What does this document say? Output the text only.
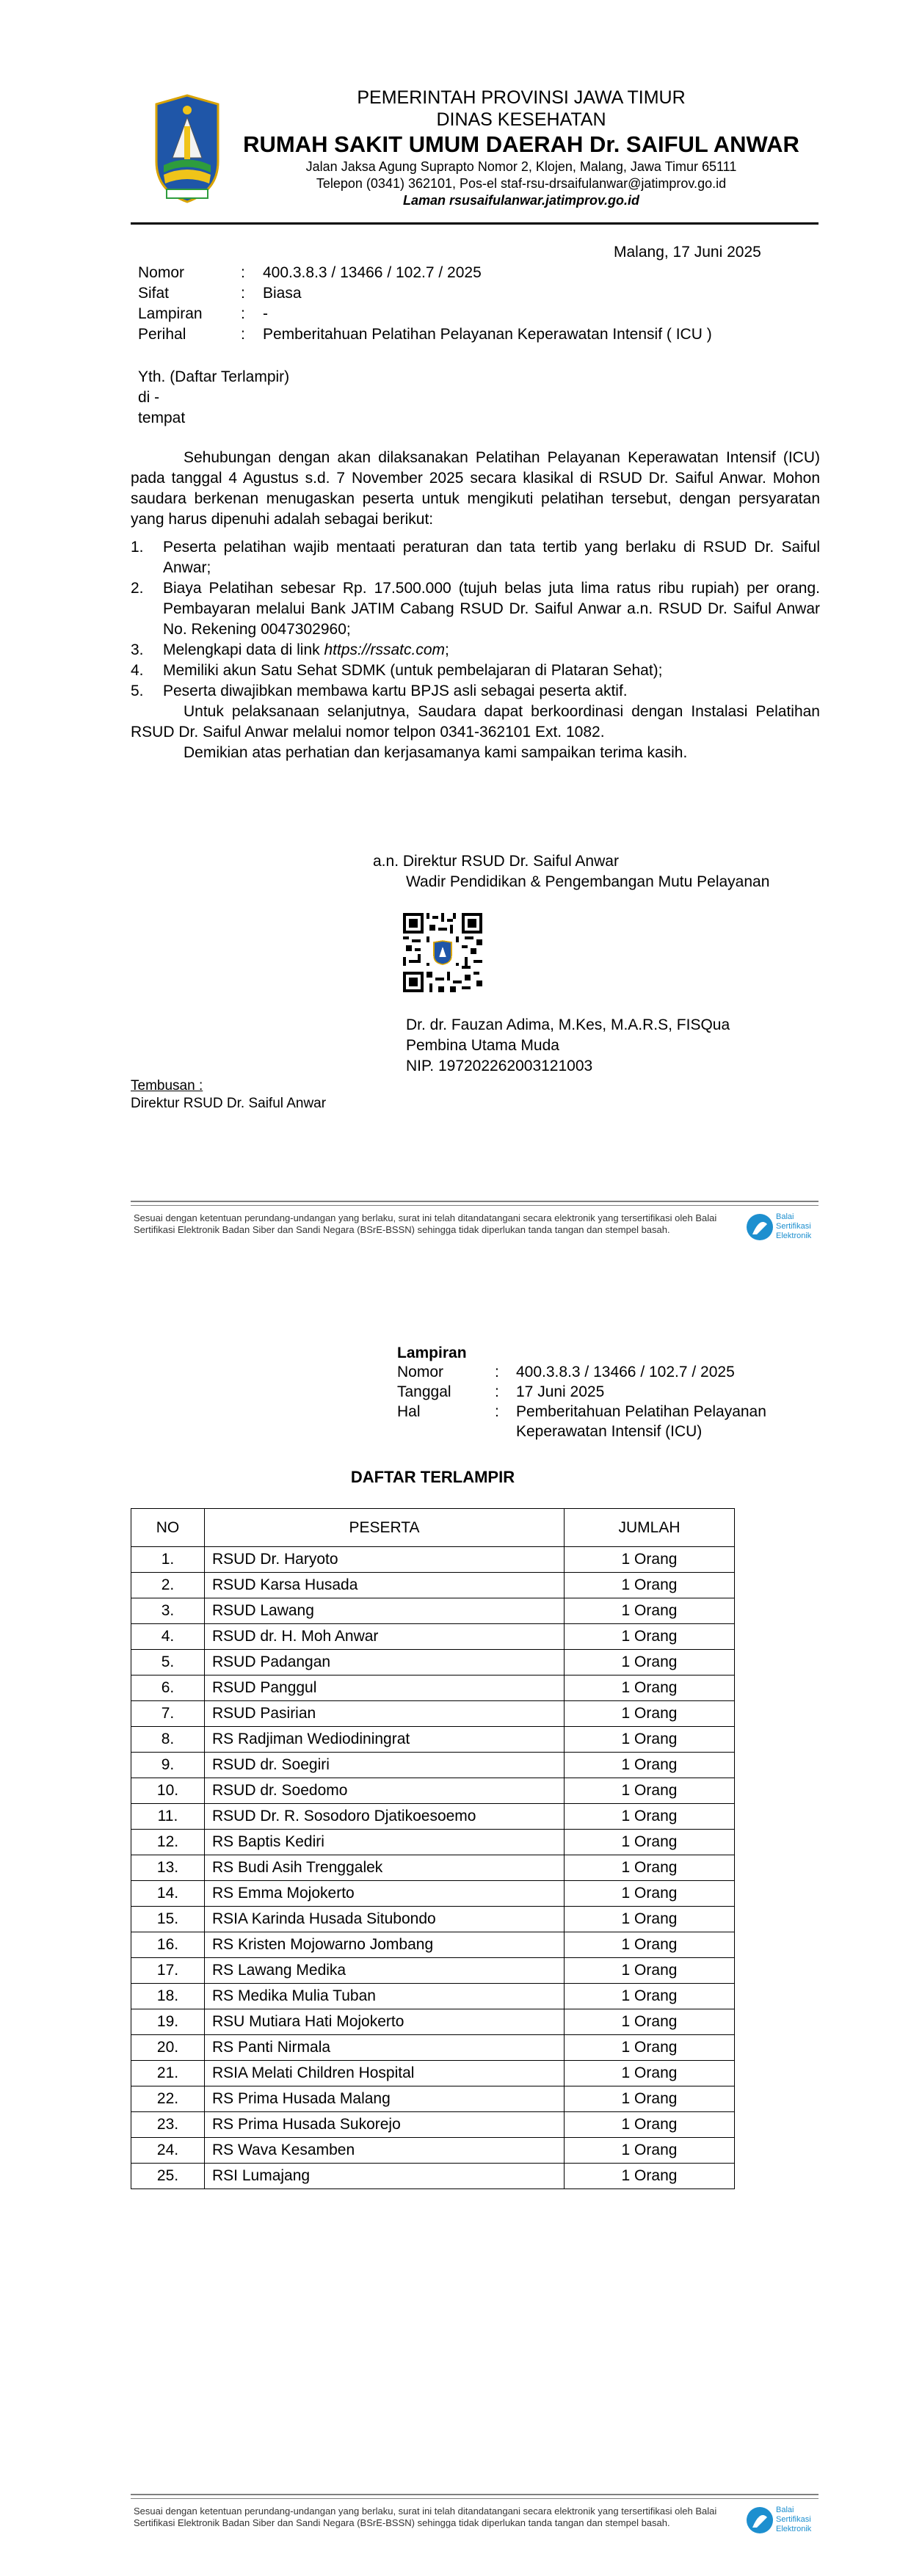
PEMERINTAH PROVINSI JAWA TIMUR
DINAS KESEHATAN
RUMAH SAKIT UMUM DAERAH Dr. SAIFUL ANWAR
Jalan Jaksa Agung Suprapto Nomor 2, Klojen, Malang, Jawa Timur 65111
Telepon (0341) 362101, Pos-el staf-rsu-drsaifulanwar@jatimprov.go.id
Laman rsusaifulanwar.jatimprov.go.id
Malang, 17 Juni 2025
Nomor	: 400.3.8.3 / 13466 / 102.7 / 2025
Sifat	: Biasa
Lampiran : -
Perihal	: Pemberitahuan Pelatihan Pelayanan Keperawatan Intensif ( ICU )
Yth. (Daftar Terlampir)
di -
tempat
Sehubungan dengan akan dilaksanakan Pelatihan Pelayanan Keperawatan Intensif (ICU) pada tanggal 4 Agustus s.d. 7 November 2025 secara klasikal di RSUD Dr. Saiful Anwar. Mohon saudara berkenan menugaskan peserta untuk mengikuti pelatihan tersebut, dengan persyaratan yang harus dipenuhi adalah sebagai berikut:
1. Peserta pelatihan wajib mentaati peraturan dan tata tertib yang berlaku di RSUD Dr. Saiful Anwar;
2. Biaya Pelatihan sebesar Rp. 17.500.000 (tujuh belas juta lima ratus ribu rupiah) per orang. Pembayaran melalui Bank JATIM Cabang RSUD Dr. Saiful Anwar a.n. RSUD Dr. Saiful Anwar No. Rekening 0047302960;
3. Melengkapi data di link https://rssatc.com;
4. Memiliki akun Satu Sehat SDMK (untuk pembelajaran di Plataran Sehat);
5. Peserta diwajibkan membawa kartu BPJS asli sebagai peserta aktif.
Untuk pelaksanaan selanjutnya, Saudara dapat berkoordinasi dengan Instalasi Pelatihan RSUD Dr. Saiful Anwar melalui nomor telpon 0341-362101 Ext. 1082.
Demikian atas perhatian dan kerjasamanya kami sampaikan terima kasih.
a.n. Direktur RSUD Dr. Saiful Anwar
Wadir Pendidikan & Pengembangan Mutu Pelayanan
Dr. dr. Fauzan Adima, M.Kes, M.A.R.S, FISQua
Pembina Utama Muda
NIP. 197202262003121003
Tembusan :
Direktur RSUD Dr. Saiful Anwar
Sesuai dengan ketentuan perundang-undangan yang berlaku, surat ini telah ditandatangani secara elektronik yang tersertifikasi oleh Balai Sertifikasi Elektronik Badan Siber dan Sandi Negara (BSrE-BSSN) sehingga tidak diperlukan tanda tangan dan stempel basah.
Balai
Sertifikasi
Elektronik
Lampiran
Nomor	: 400.3.8.3 / 13466 / 102.7 / 2025
Tanggal	: 17 Juni 2025
Hal	: Pemberitahuan Pelatihan Pelayanan Keperawatan Intensif (ICU)
DAFTAR TERLAMPIR
NO	PESERTA	JUMLAH
1.	RSUD Dr. Haryoto	1 Orang
2.	RSUD Karsa Husada	1 Orang
3.	RSUD Lawang	1 Orang
4.	RSUD dr. H. Moh Anwar	1 Orang
5.	RSUD Padangan	1 Orang
6.	RSUD Panggul	1 Orang
7.	RSUD Pasirian	1 Orang
8.	RS Radjiman Wediodiningrat	1 Orang
9.	RSUD dr. Soegiri	1 Orang
10.	RSUD dr. Soedomo	1 Orang
11.	RSUD Dr. R. Sosodoro Djatikoesoemo	1 Orang
12.	RS Baptis Kediri	1 Orang
13.	RS Budi Asih Trenggalek	1 Orang
14.	RS Emma Mojokerto	1 Orang
15.	RSIA Karinda Husada Situbondo	1 Orang
16.	RS Kristen Mojowarno Jombang	1 Orang
17.	RS Lawang Medika	1 Orang
18.	RS Medika Mulia Tuban	1 Orang
19.	RSU Mutiara Hati Mojokerto	1 Orang
20.	RS Panti Nirmala	1 Orang
21.	RSIA Melati Children Hospital	1 Orang
22.	RS Prima Husada Malang	1 Orang
23.	RS Prima Husada Sukorejo	1 Orang
24.	RS Wava Kesamben	1 Orang
25.	RSI Lumajang	1 Orang
Sesuai dengan ketentuan perundang-undangan yang berlaku, surat ini telah ditandatangani secara elektronik yang tersertifikasi oleh Balai Sertifikasi Elektronik Badan Siber dan Sandi Negara (BSrE-BSSN) sehingga tidak diperlukan tanda tangan dan stempel basah.
Balai
Sertifikasi
Elektronik
